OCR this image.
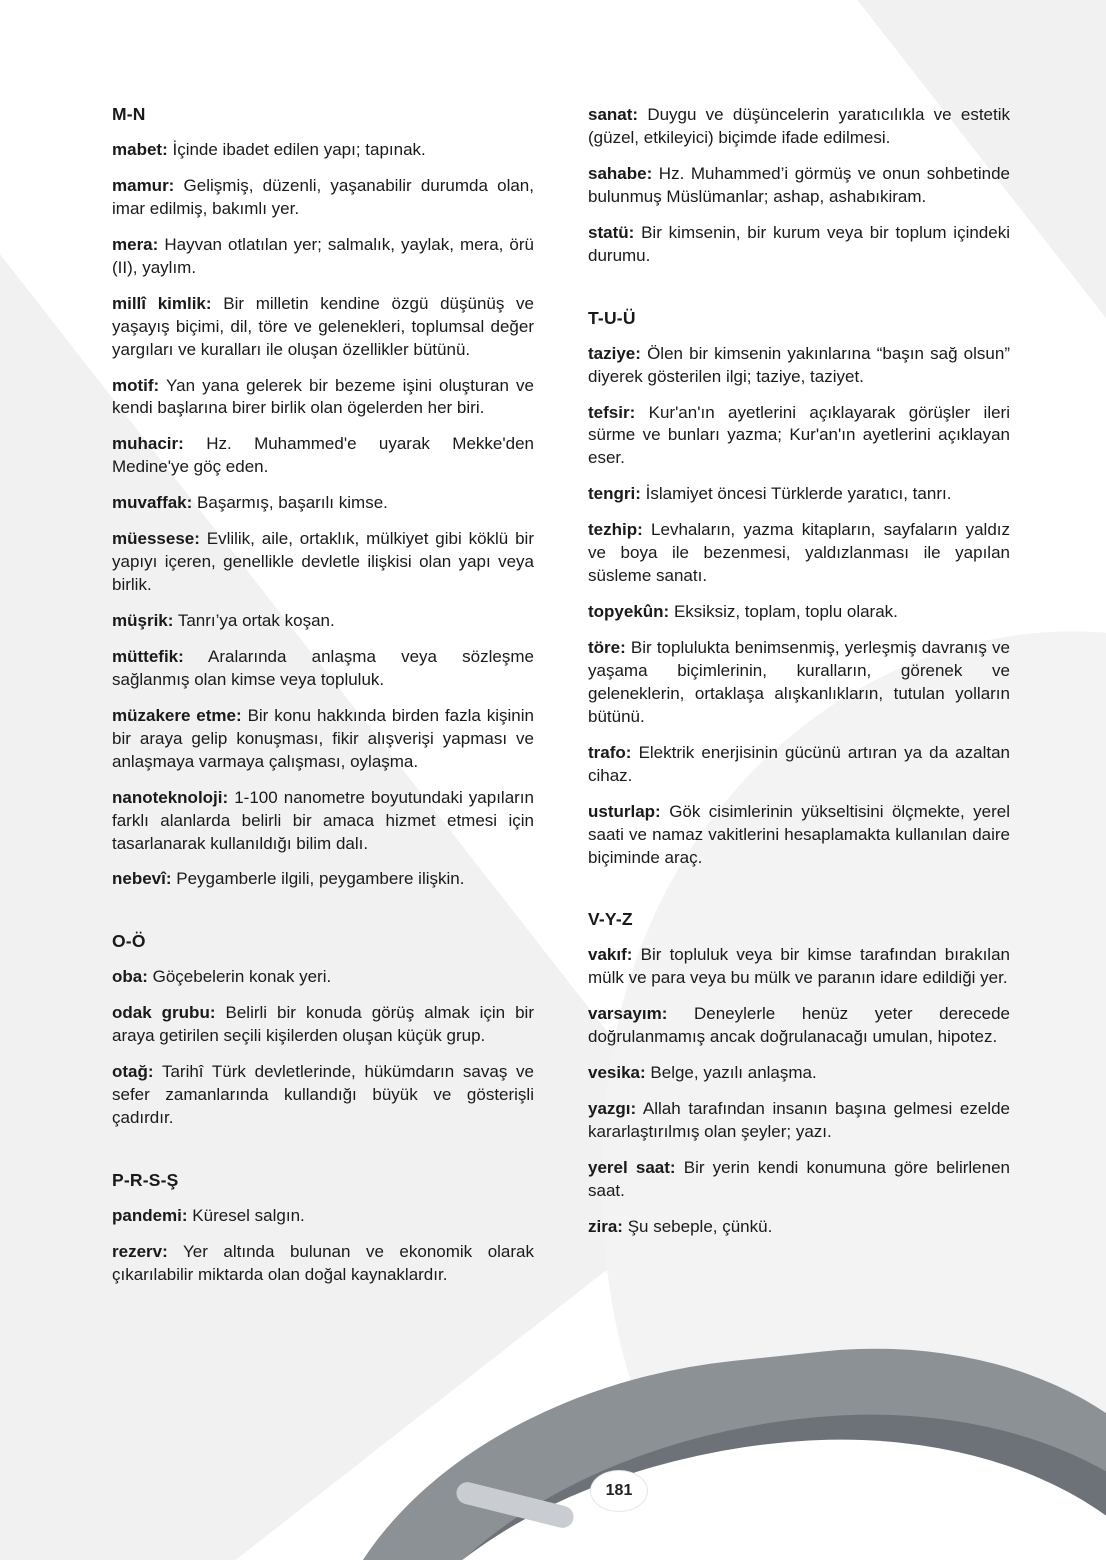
M-N

mabet: İçinde ibadet edilen yapı; tapınak.

mamur: Gelişmiş, düzenli, yaşanabilir durumda olan, imar edilmiş, bakımlı yer.

mera: Hayvan otlatılan yer; salmalık, yaylak, mera, örü (II), yaylım.

millî kimlik: Bir milletin kendine özgü düşünüş ve yaşayış biçimi, dil, töre ve gelenekleri, toplumsal değer yargıları ve kuralları ile oluşan özellikler bütünü.

motif: Yan yana gelerek bir bezeme işini oluşturan ve kendi başlarına birer birlik olan ögelerden her biri.

muhacir: Hz. Muhammed'e uyarak Mekke'den Medine'ye göç eden.

muvaffak: Başarmış, başarılı kimse.

müessese: Evlilik, aile, ortaklık, mülkiyet gibi köklü bir yapıyı içeren, genellikle devletle ilişkisi olan yapı veya birlik.

müşrik: Tanrı’ya ortak koşan.

müttefik: Aralarında anlaşma veya sözleşme sağlanmış olan kimse veya topluluk.

müzakere etme: Bir konu hakkında birden fazla kişinin bir araya gelip konuşması, fikir alışverişi yapması ve anlaşmaya varmaya çalışması, oylaşma.

nanoteknoloji: 1-100 nanometre boyutundaki yapıların farklı alanlarda belirli bir amaca hizmet etmesi için tasarlanarak kullanıldığı bilim dalı.

nebevî: Peygamberle ilgili, peygambere ilişkin.

O-Ö

oba: Göçebelerin konak yeri.

odak grubu: Belirli bir konuda görüş almak için bir araya getirilen seçili kişilerden oluşan küçük grup.

otağ: Tarihî Türk devletlerinde, hükümdarın savaş ve sefer zamanlarında kullandığı büyük ve gösterişli çadırdır.

P-R-S-Ş

pandemi: Küresel salgın.

rezerv: Yer altında bulunan ve ekonomik olarak çıkarılabilir miktarda olan doğal kaynaklardır.

sanat: Duygu ve düşüncelerin yaratıcılıkla ve estetik (güzel, etkileyici) biçimde ifade edilmesi.

sahabe: Hz. Muhammed’i görmüş ve onun sohbetinde bulunmuş Müslümanlar; ashap, ashabıkiram.

statü: Bir kimsenin, bir kurum veya bir toplum içindeki durumu.

T-U-Ü

taziye: Ölen bir kimsenin yakınlarına “başın sağ olsun” diyerek gösterilen ilgi; taziye, taziyet.

tefsir: Kur'an'ın ayetlerini açıklayarak görüşler ileri sürme ve bunları yazma; Kur'an'ın ayetlerini açıklayan eser.

tengri: İslamiyet öncesi Türklerde yaratıcı, tanrı.

tezhip: Levhaların, yazma kitapların, sayfaların yaldız ve boya ile bezenmesi, yaldızlanması ile yapılan süsleme sanatı.

topyekûn: Eksiksiz, toplam, toplu olarak.

töre: Bir toplulukta benimsenmiş, yerleşmiş davranış ve yaşama biçimlerinin, kuralların, görenek ve geleneklerin, ortaklaşa alışkanlıkların, tutulan yolların bütünü.

trafo: Elektrik enerjisinin gücünü artıran ya da azaltan cihaz.

usturlap: Gök cisimlerinin yükseltisini ölçmekte, yerel saati ve namaz vakitlerini hesaplamakta kullanılan daire biçiminde araç.

V-Y-Z

vakıf: Bir topluluk veya bir kimse tarafından bırakılan mülk ve para veya bu mülk ve paranın idare edildiği yer.

varsayım: Deneylerle henüz yeter derecede doğrulanmamış ancak doğrulanacağı umulan, hipotez.

vesika: Belge, yazılı anlaşma.

yazgı: Allah tarafından insanın başına gelmesi ezelde kararlaştırılmış olan şeyler; yazı.

yerel saat: Bir yerin kendi konumuna göre belirlenen saat.

zira: Şu sebeple, çünkü.

181
